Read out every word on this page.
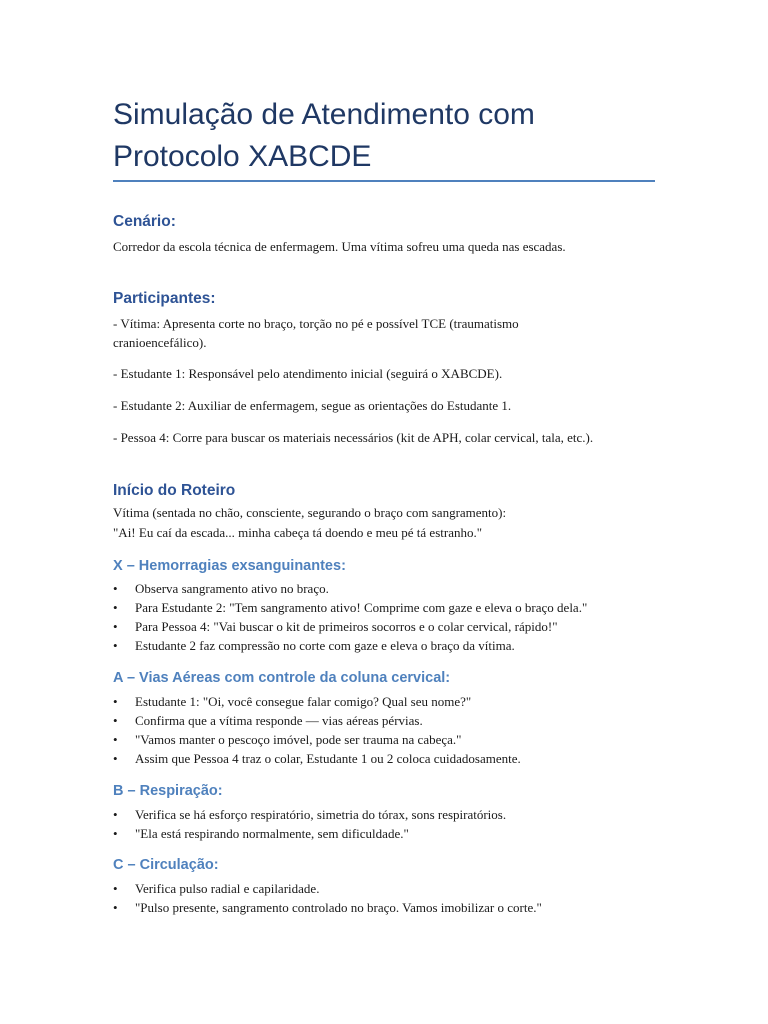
Simulação de Atendimento com Protocolo XABCDE
Cenário:
Corredor da escola técnica de enfermagem. Uma vítima sofreu uma queda nas escadas.
Participantes:
- Vítima: Apresenta corte no braço, torção no pé e possível TCE (traumatismo cranioencefálico).
- Estudante 1: Responsável pelo atendimento inicial (seguirá o XABCDE).
- Estudante 2: Auxiliar de enfermagem, segue as orientações do Estudante 1.
- Pessoa 4: Corre para buscar os materiais necessários (kit de APH, colar cervical, tala, etc.).
Início do Roteiro
Vítima (sentada no chão, consciente, segurando o braço com sangramento):
"Ai! Eu caí da escada... minha cabeça tá doendo e meu pé tá estranho."
X – Hemorragias exsanguinantes:
• Observa sangramento ativo no braço.
• Para Estudante 2: "Tem sangramento ativo! Comprime com gaze e eleva o braço dela."
• Para Pessoa 4: "Vai buscar o kit de primeiros socorros e o colar cervical, rápido!"
• Estudante 2 faz compressão no corte com gaze e eleva o braço da vítima.
A – Vias Aéreas com controle da coluna cervical:
• Estudante 1: "Oi, você consegue falar comigo? Qual seu nome?"
• Confirma que a vítima responde — vias aéreas pérvias.
• "Vamos manter o pescoço imóvel, pode ser trauma na cabeça."
• Assim que Pessoa 4 traz o colar, Estudante 1 ou 2 coloca cuidadosamente.
B – Respiração:
• Verifica se há esforço respiratório, simetria do tórax, sons respiratórios.
• "Ela está respirando normalmente, sem dificuldade."
C – Circulação:
• Verifica pulso radial e capilaridade.
• "Pulso presente, sangramento controlado no braço. Vamos imobilizar o corte."
